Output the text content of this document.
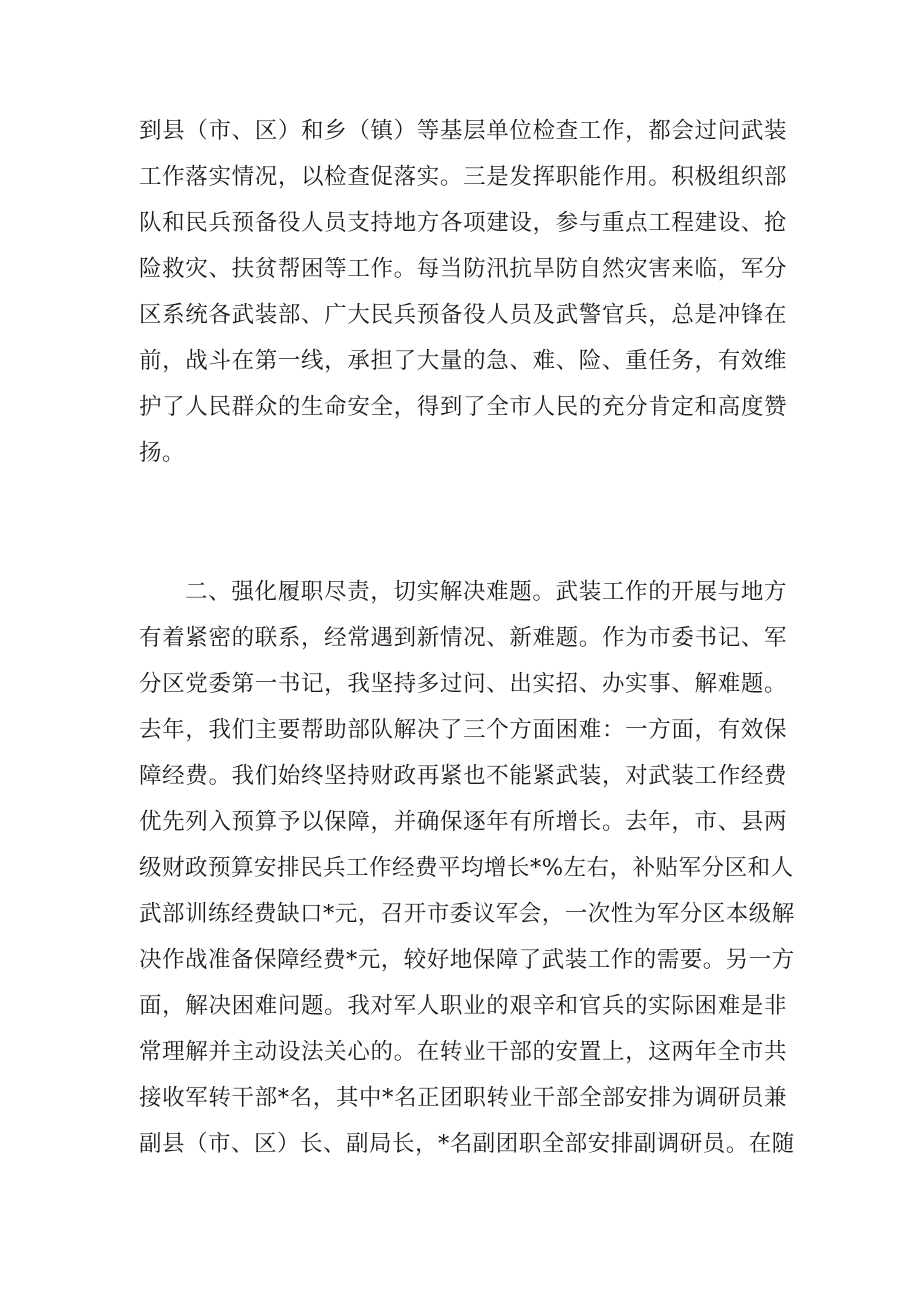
到县（市、区）和乡（镇）等基层单位检查工作，都会过问武装
工作落实情况，以检查促落实。三是发挥职能作用。积极组织部
队和民兵预备役人员支持地方各项建设，参与重点工程建设、抢
险救灾、扶贫帮困等工作。每当防汛抗旱防自然灾害来临，军分
区系统各武装部、广大民兵预备役人员及武警官兵，总是冲锋在
前，战斗在第一线，承担了大量的急、难、险、重任务，有效维
护了人民群众的生命安全，得到了全市人民的充分肯定和高度赞
扬。
二、强化履职尽责，切实解决难题。武装工作的开展与地方
有着紧密的联系，经常遇到新情况、新难题。作为市委书记、军
分区党委第一书记，我坚持多过问、出实招、办实事、解难题。
去年，我们主要帮助部队解决了三个方面困难：一方面，有效保
障经费。我们始终坚持财政再紧也不能紧武装，对武装工作经费
优先列入预算予以保障，并确保逐年有所增长。去年，市、县两
级财政预算安排民兵工作经费平均增长*%左右，补贴军分区和人
武部训练经费缺口*元，召开市委议军会，一次性为军分区本级解
决作战准备保障经费*元，较好地保障了武装工作的需要。另一方
面，解决困难问题。我对军人职业的艰辛和官兵的实际困难是非
常理解并主动设法关心的。在转业干部的安置上，这两年全市共
接收军转干部*名，其中*名正团职转业干部全部安排为调研员兼
副县（市、区）长、副局长，*名副团职全部安排副调研员。在随
